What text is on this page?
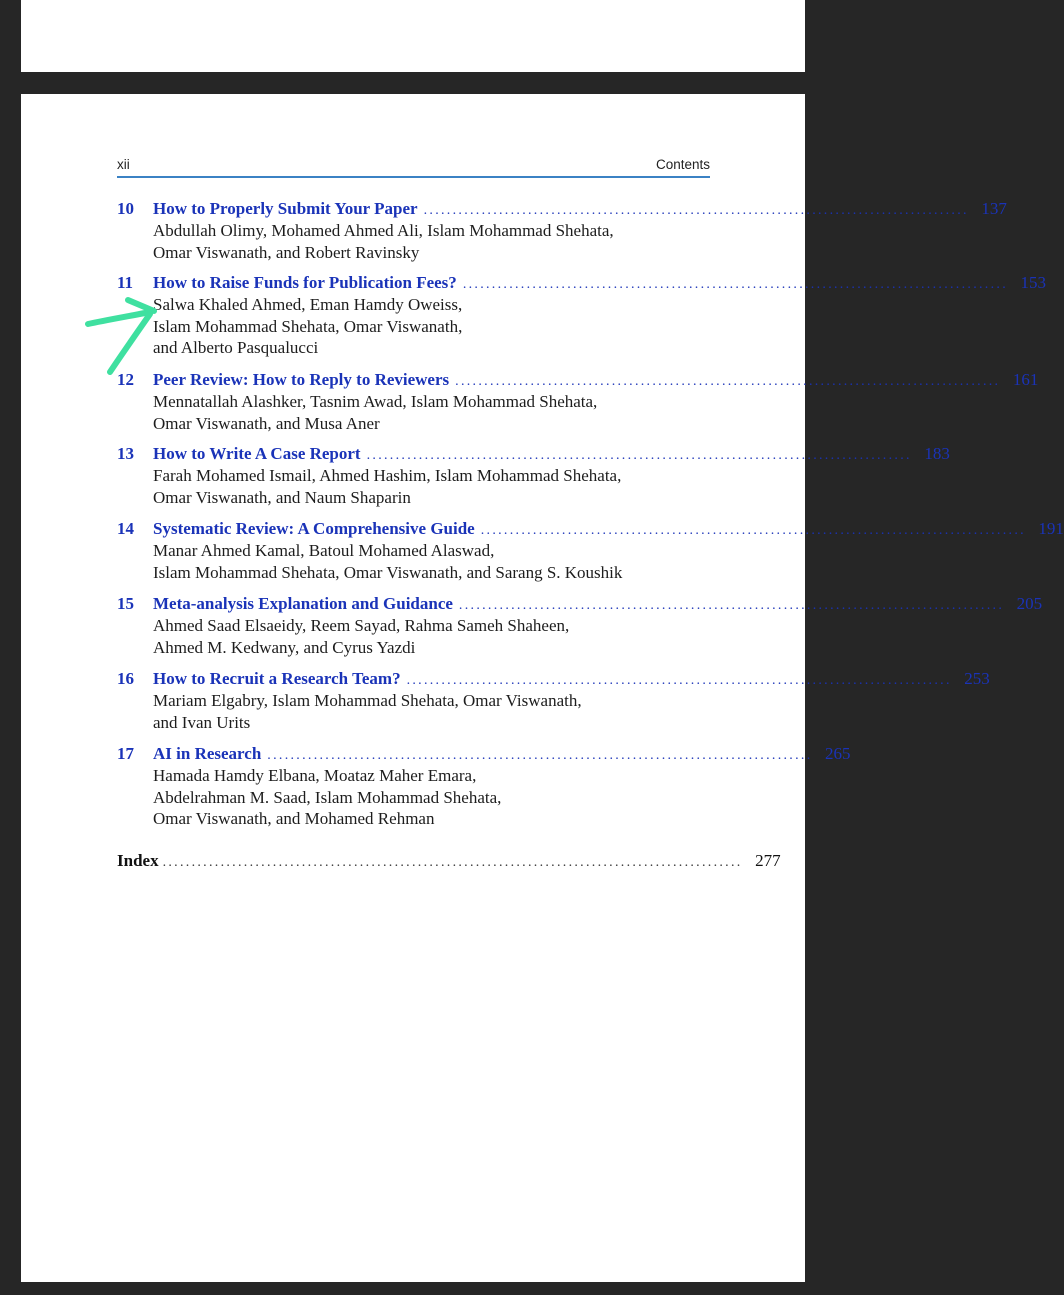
xii	Contents
10	How to Properly Submit Your Paper .............................................................................................. 137
Abdullah Olimy, Mohamed Ahmed Ali, Islam Mohammad Shehata,
Omar Viswanath, and Robert Ravinsky
11	How to Raise Funds for Publication Fees? .............................................................................................. 153
Salwa Khaled Ahmed, Eman Hamdy Oweiss,
Islam Mohammad Shehata, Omar Viswanath,
and Alberto Pasqualucci
12	Peer Review: How to Reply to Reviewers .............................................................................................. 161
Mennatallah Alashker, Tasnim Awad, Islam Mohammad Shehata,
Omar Viswanath, and Musa Aner
13	How to Write A Case Report .............................................................................................. 183
Farah Mohamed Ismail, Ahmed Hashim, Islam Mohammad Shehata,
Omar Viswanath, and Naum Shaparin
14	Systematic Review: A Comprehensive Guide .............................................................................................. 191
Manar Ahmed Kamal, Batoul Mohamed Alaswad,
Islam Mohammad Shehata, Omar Viswanath, and Sarang S. Koushik
15	Meta-analysis Explanation and Guidance .............................................................................................. 205
Ahmed Saad Elsaeidy, Reem Sayad, Rahma Sameh Shaheen,
Ahmed M. Kedwany, and Cyrus Yazdi
16	How to Recruit a Research Team? .............................................................................................. 253
Mariam Elgabry, Islam Mohammad Shehata, Omar Viswanath,
and Ivan Urits
17	AI in Research .............................................................................................. 265
Hamada Hamdy Elbana, Moataz Maher Emara,
Abdelrahman M. Saad, Islam Mohammad Shehata,
Omar Viswanath, and Mohamed Rehman
Index .................................................................................................... 277
